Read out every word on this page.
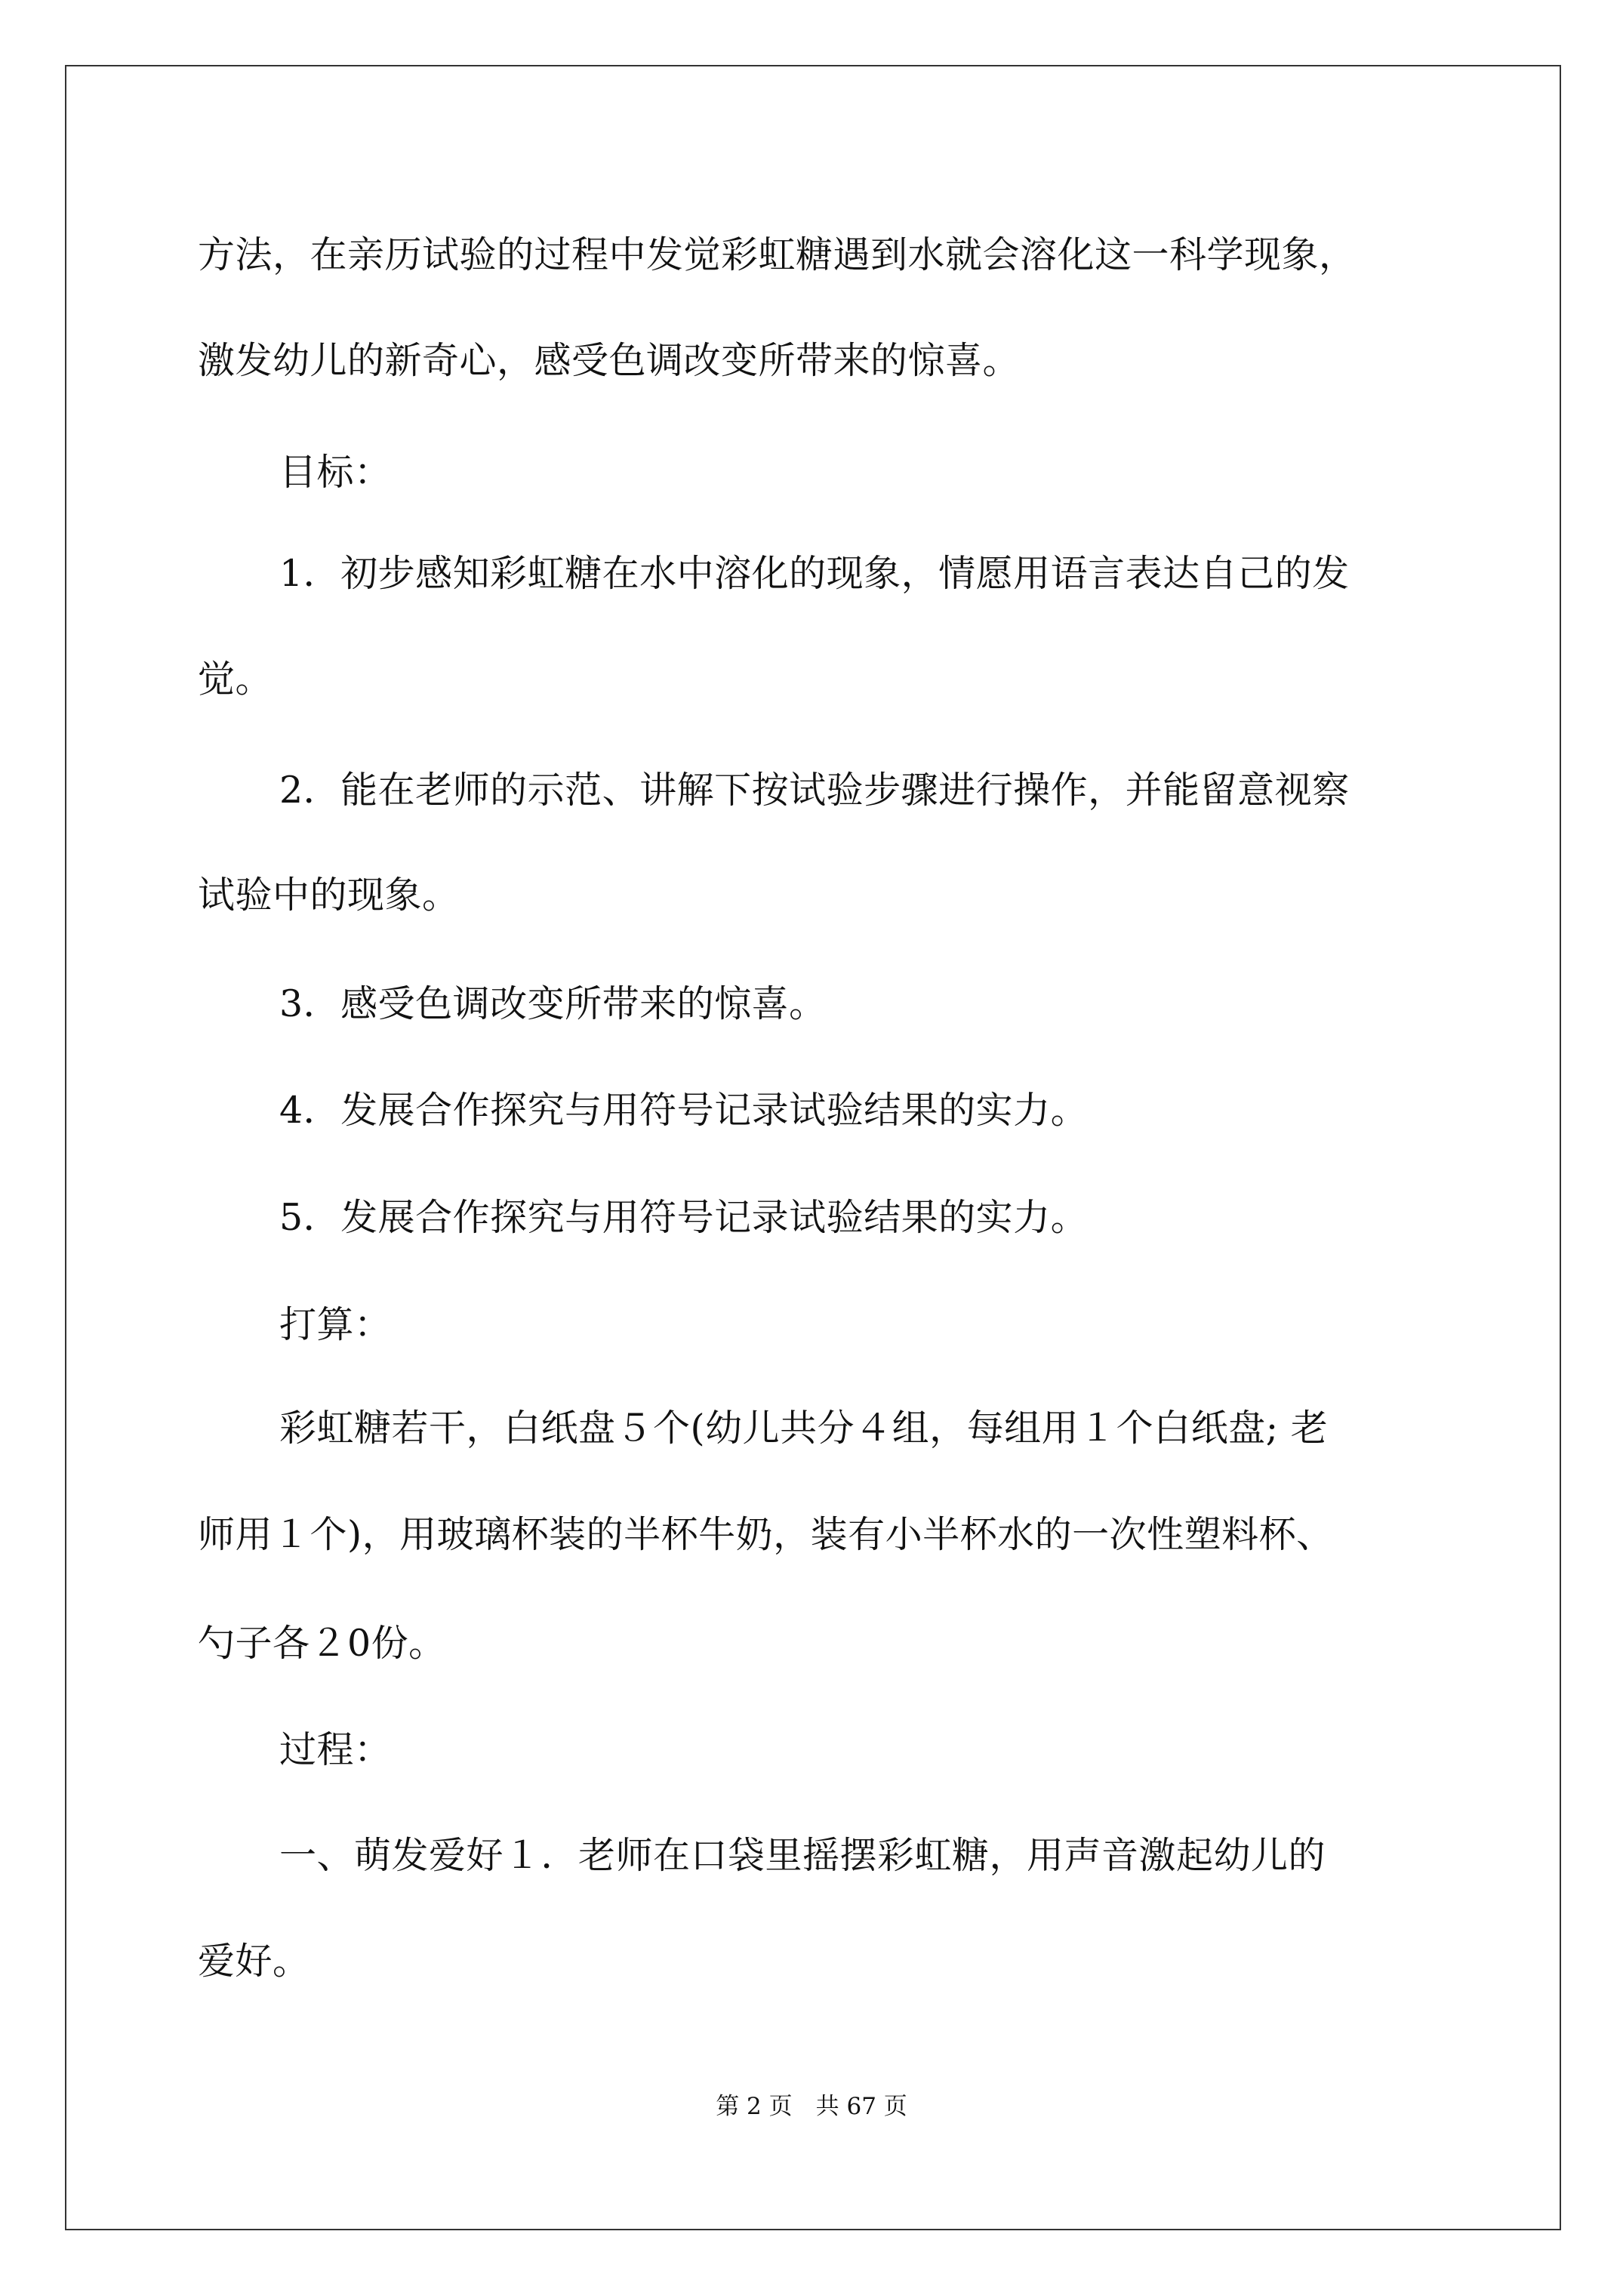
方法，在亲历试验的过程中发觉彩虹糖遇到水就会溶化这一科学现象，
激发幼儿的新奇心，感受色调改变所带来的惊喜。
目标：
1．初步感知彩虹糖在水中溶化的现象，情愿用语言表达自己的发
觉。
2．能在老师的示范、讲解下按试验步骤进行操作，并能留意视察
试验中的现象。
3．感受色调改变所带来的惊喜。
4．发展合作探究与用符号记录试验结果的实力。
5．发展合作探究与用符号记录试验结果的实力。
打算：
彩虹糖若干，白纸盘５个(幼儿共分４组，每组用１个白纸盘; 老
师用１个)，用玻璃杯装的半杯牛奶，装有小半杯水的一次性塑料杯、
勺子各２0份。
过程：
一、萌发爱好１．老师在口袋里摇摆彩虹糖，用声音激起幼儿的
爱好。
第 2 页　共 67 页
